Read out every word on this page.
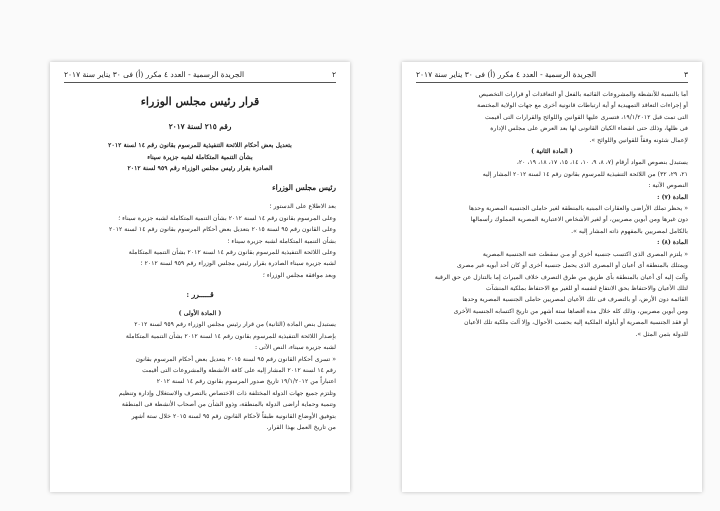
٢
الجريدة الرسمية - العدد ٤ مكرر (أ) فى ٣٠ يناير سنة ٢٠١٧

قرار رئيس مجلس الوزراء

رقم ٢١٥ لسنة ٢٠١٧

بتعديل بعض أحكام اللائحة التنفيذية للمرسوم بقانون رقم ١٤ لسنة ٢٠١٢

بشأن التنمية المتكاملة لشبه جزيرة سيناء

الصادرة بقرار رئيس مجلس الوزراء رقم ٩٥٩ لسنة ٢٠١٢

رئيس مجلس الوزراء

بعد الاطلاع على الدستور ؛

وعلى المرسوم بقانون رقم ١٤ لسنة ٢٠١٢ بشأن التنمية المتكاملة لشبه جزيرة سيناء ؛

وعلى القانون رقم ٩٥ لسنة ٢٠١٥ بتعديل بعض أحكام المرسوم بقانون رقم ١٤ لسنة ٢٠١٢

بشأن التنمية المتكاملة لشبه جزيرة سيناء ؛

وعلى اللائحة التنفيذية للمرسوم بقانون رقم ١٤ لسنة ٢٠١٢ بشأن التنمية المتكاملة

لشبه جزيرة سيناء الصادرة بقرار رئيس مجلس الوزراء رقم ٩٥٩ لسنة ٢٠١٢ ؛

وبعد موافقة مجلس الوزراء ؛

قـــــرر :

( المادة الأولى )

يستبدل بنص المادة (الثانية) من قرار رئيس مجلس الوزراء رقم ٩٥٩ لسنة ٢٠١٢

بإصدار اللائحة التنفيذية للمرسوم بقانون رقم ١٤ لسنة ٢٠١٢ بشأن التنمية المتكاملة

لشبه جزيرة سيناء، النص الآتى :

« تسرى أحكام القانون رقم ٩٥ لسنة ٢٠١٥ بتعديل بعض أحكام المرسوم بقانون

رقم ١٤ لسنة ٢٠١٢ المشار إليه على كافة الأنشطة والمشروعات التى أقيمت

اعتباراً من ١٩/١/٢٠١٢ تاريخ صدور المرسوم بقانون رقم ١٤ لسنة ٢٠١٢

وتلتزم جميع جهات الدولة المختلفة ذات الاختصاص بالتصرف والاستغلال وإدارة وتنظيم

وتنمية وحماية أراضى الدولة بالمنطقة، وذوو الشأن من أصحاب الأنشطة فى المنطقة

بتوفيق الأوضاع القانونية طبقاً لأحكام القانون رقم ٩٥ لسنة ٢٠١٥ خلال ستة أشهر

من تاريخ العمل بهذا القرار.

٣
الجريدة الرسمية - العدد ٤ مكرر (أ) فى ٣٠ يناير سنة ٢٠١٧

أما بالنسبة للأنشطة والمشروعات القائمة بالفعل أو التعاقدات أو قرارات التخصيص

أو إجراءات التعاقد التمهيدية أو أية ارتباطات قانونية أخرى مع جهات الولاية المختصة

التى تمت قبل ١٩/١/٢٠١٢، فتسرى عليها القوانين واللوائح والقرارات التى أقيمت

فى ظلها، وذلك حتى انقضاء الكيان القانونى لها بعد العرض على مجلس الإدارة

لإعمال شئونه وفقاً للقوانين واللوائح ».

( المادة الثانية )

يستبدل بنصوص المواد أرقام (٧، ٨، ٩، ١٠، ١٤، ١٥، ١٧، ١٨، ١٩، ٢٠،

٢١، ٢٩، ٣٢) من اللائحة التنفيذية للمرسوم بقانون رقم ١٤ لسنة ٢٠١٢ المشار إليه

النصوص الآتية :

المادة (٧) :

« يحظر تملك الأراضى والعقارات المبنية بالمنطقة لغير حاملى الجنسية المصرية وحدها

دون غيرها ومن أبوين مصريين، أو لغير الأشخاص الاعتبارية المصرية المملوك رأسمالها

بالكامل لمصريين بالمفهوم ذاته المشار إليه ».

المادة (٨) :

« يلتزم المصرى الذى اكتسب جنسية أخرى أو مـن سقطت عنه الجنسية المصرية

ويمتلك بالمنطقة أى أعيان أو المصرى الذى يحمل جنسية أخرى أو كان أحد أبويه غير مصرى

وآلت إليه أى أعيان بالمنطقة بأى طريق من طرق التصرف خلاف الميراث إما بالتنازل عن حق الرقبة

لتلك الأعيان والاحتفاظ بحق الانتفاع لنفسه أو للغير مع الاحتفاظ بملكية المنشآت

القائمة دون الأرض، أو بالتصرف فى تلك الأعيان لمصريين حاملى الجنسية المصرية وحدها

ومن أبوين مصريين، وذلك كله خلال مدة أقصاها ستة أشهر من تاريخ اكتسابه الجنسية الأخرى

أو فقد الجنسية المصرية أو أيلولة الملكية إليه بحسب الأحوال، وإلا آلت ملكية تلك الأعيان

للدولة بثمن المثل ».
